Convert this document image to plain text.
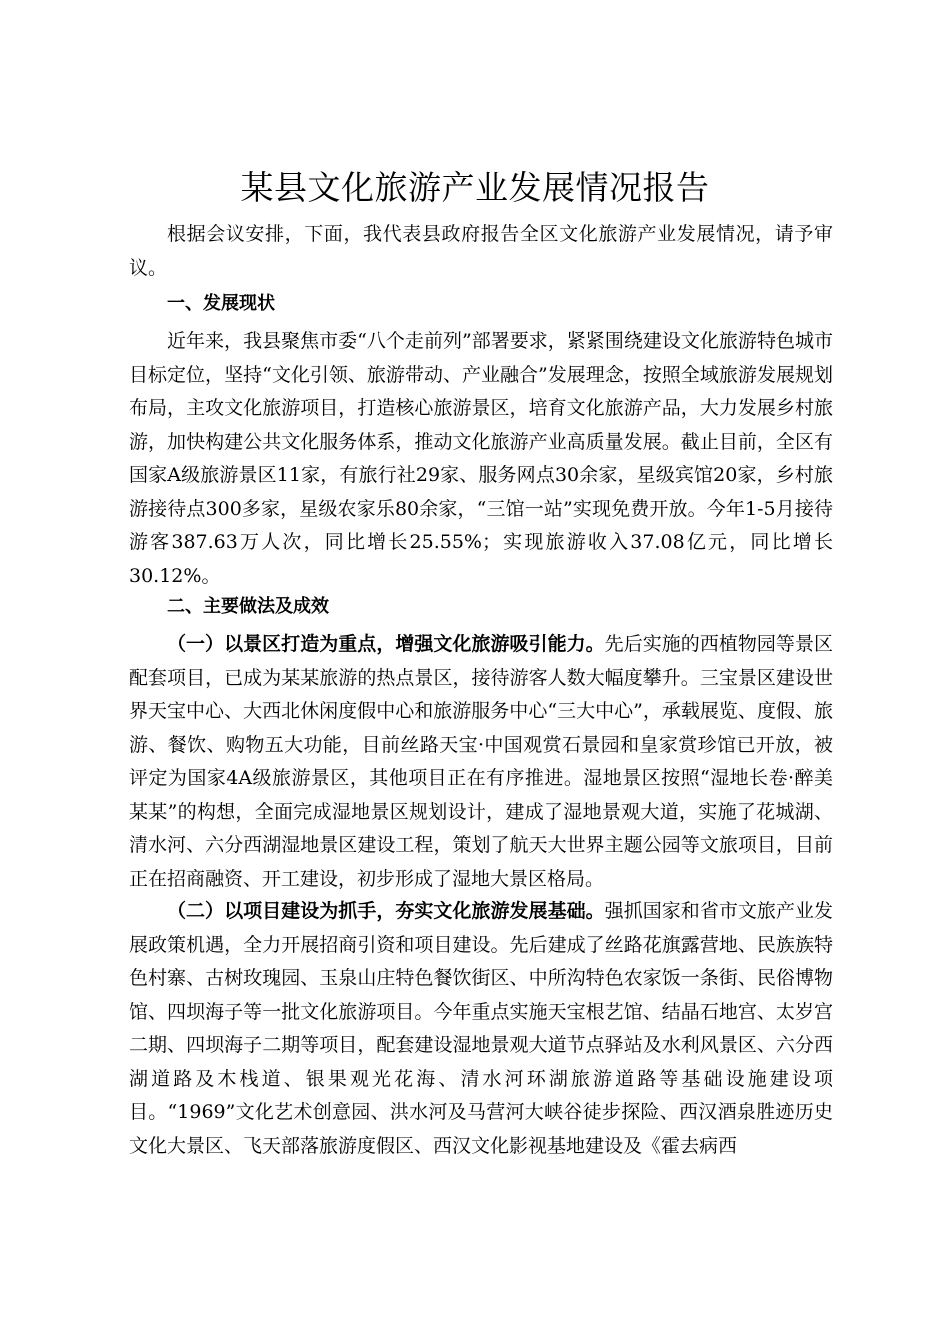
某县文化旅游产业发展情况报告

根据会议安排，下面，我代表县政府报告全区文化旅游产业发展情况，请予审议。

一、发展现状

近年来，我县聚焦市委“八个走前列”部署要求，紧紧围绕建设文化旅游特色城市目标定位，坚持“文化引领、旅游带动、产业融合”发展理念，按照全域旅游发展规划布局，主攻文化旅游项目，打造核心旅游景区，培育文化旅游产品，大力发展乡村旅游，加快构建公共文化服务体系，推动文化旅游产业高质量发展。截止目前，全区有国家A级旅游景区11家，有旅行社29家、服务网点30余家，星级宾馆20家，乡村旅游接待点300多家，星级农家乐80余家，“三馆一站”实现免费开放。今年1-5月接待游客387.63万人次，同比增长25.55%；实现旅游收入37.08亿元，同比增长30.12%。

二、主要做法及成效

（一）以景区打造为重点，增强文化旅游吸引能力。先后实施的西植物园等景区配套项目，已成为某某旅游的热点景区，接待游客人数大幅度攀升。三宝景区建设世界天宝中心、大西北休闲度假中心和旅游服务中心“三大中心”，承载展览、度假、旅游、餐饮、购物五大功能，目前丝路天宝·中国观赏石景园和皇家赏珍馆已开放，被评定为国家4A级旅游景区，其他项目正在有序推进。湿地景区按照“湿地长卷·醉美某某”的构想，全面完成湿地景区规划设计，建成了湿地景观大道，实施了花城湖、清水河、六分西湖湿地景区建设工程，策划了航天大世界主题公园等文旅项目，目前正在招商融资、开工建设，初步形成了湿地大景区格局。

（二）以项目建设为抓手，夯实文化旅游发展基础。强抓国家和省市文旅产业发展政策机遇，全力开展招商引资和项目建设。先后建成了丝路花旗露营地、民族族特色村寨、古树玫瑰园、玉泉山庄特色餐饮街区、中所沟特色农家饭一条街、民俗博物馆、四坝海子等一批文化旅游项目。今年重点实施天宝根艺馆、结晶石地宫、太岁宫二期、四坝海子二期等项目，配套建设湿地景观大道节点驿站及水利风景区、六分西湖道路及木栈道、银果观光花海、清水河环湖旅游道路等基础设施建设项目。“1969”文化艺术创意园、洪水河及马营河大峡谷徒步探险、西汉酒泉胜迹历史文化大景区、飞天部落旅游度假区、西汉文化影视基地建设及《霍去病西
